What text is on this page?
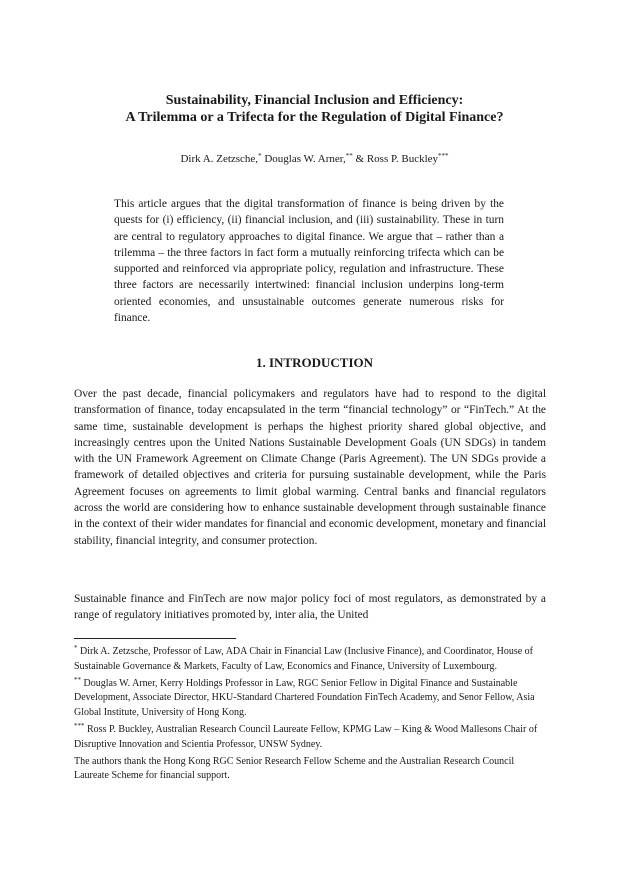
Sustainability, Financial Inclusion and Efficiency:
A Trilemma or a Trifecta for the Regulation of Digital Finance?
Dirk A. Zetzsche,* Douglas W. Arner,** & Ross P. Buckley***
This article argues that the digital transformation of finance is being driven by the quests for (i) efficiency, (ii) financial inclusion, and (iii) sustainability. These in turn are central to regulatory approaches to digital finance. We argue that – rather than a trilemma – the three factors in fact form a mutually reinforcing trifecta which can be supported and reinforced via appropriate policy, regulation and infrastructure. These three factors are necessarily intertwined: financial inclusion underpins long-term oriented economies, and unsustainable outcomes generate numerous risks for finance.
1. INTRODUCTION
Over the past decade, financial policymakers and regulators have had to respond to the digital transformation of finance, today encapsulated in the term “financial technology” or “FinTech.” At the same time, sustainable development is perhaps the highest priority shared global objective, and increasingly centres upon the United Nations Sustainable Development Goals (UN SDGs) in tandem with the UN Framework Agreement on Climate Change (Paris Agreement). The UN SDGs provide a framework of detailed objectives and criteria for pursuing sustainable development, while the Paris Agreement focuses on agreements to limit global warming. Central banks and financial regulators across the world are considering how to enhance sustainable development through sustainable finance in the context of their wider mandates for financial and economic development, monetary and financial stability, financial integrity, and consumer protection.
Sustainable finance and FinTech are now major policy foci of most regulators, as demonstrated by a range of regulatory initiatives promoted by, inter alia, the United
* Dirk A. Zetzsche, Professor of Law, ADA Chair in Financial Law (Inclusive Finance), and Coordinator, House of Sustainable Governance & Markets, Faculty of Law, Economics and Finance, University of Luxembourg.
** Douglas W. Arner, Kerry Holdings Professor in Law, RGC Senior Fellow in Digital Finance and Sustainable Development, Associate Director, HKU-Standard Chartered Foundation FinTech Academy, and Senor Fellow, Asia Global Institute, University of Hong Kong.
*** Ross P. Buckley, Australian Research Council Laureate Fellow, KPMG Law – King & Wood Mallesons Chair of Disruptive Innovation and Scientia Professor, UNSW Sydney.
The authors thank the Hong Kong RGC Senior Research Fellow Scheme and the Australian Research Council Laureate Scheme for financial support.
